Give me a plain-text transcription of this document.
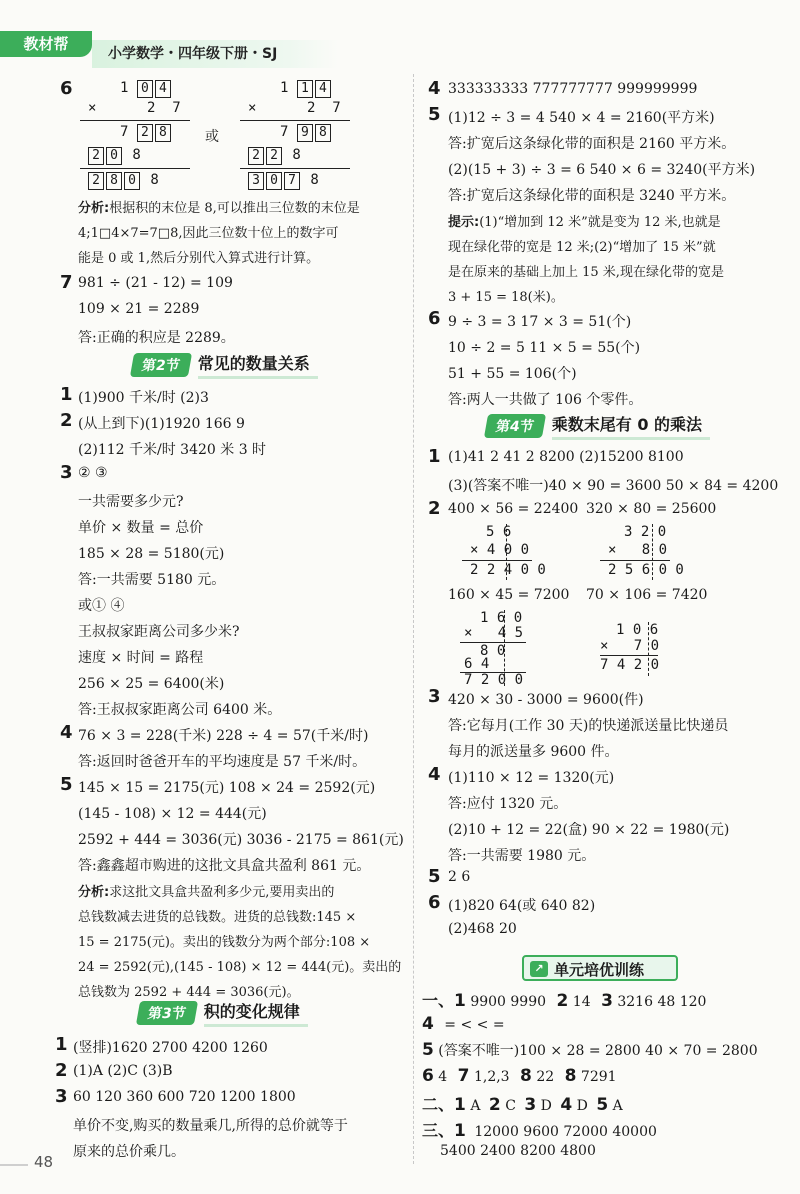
教材帮
小学数学・四年级下册・SJ
6	1 0 4
×      2  7
7 2 8
2 0 8
2 8 0 8
或
1 1 4
×      2  7
7 9 8
2 2 8
3 0 7 8
分析:根据积的末位是 8,可以推出三位数的末位是
4;1□4×7=7□8,因此三位数十位上的数字可
能是 0 或 1,然后分别代入算式进行计算。
7 981 ÷ (21 - 12) = 109
109 × 21 = 2289
答:正确的积应是 2289。
第2节	常见的数量关系
1 (1)900 千米/时 (2)3
2 (从上到下)(1)1920 166 9
(2)112 千米/时 3420 米 3 时
3 ② ③
一共需要多少元?
单价 × 数量 = 总价
185 × 28 = 5180(元)
答:一共需要 5180 元。
或① ④
王叔叔家距离公司多少米?
速度 × 时间 = 路程
256 × 25 = 6400(米)
答:王叔叔家距离公司 6400 米。
4 76 × 3 = 228(千米) 228 ÷ 4 = 57(千米/时)
答:返回时爸爸开车的平均速度是 57 千米/时。
5 145 × 15 = 2175(元) 108 × 24 = 2592(元)
(145 - 108) × 12 = 444(元)
2592 + 444 = 3036(元) 3036 - 2175 = 861(元)
答:鑫鑫超市购进的这批文具盒共盈利 861 元。
分析:求这批文具盒共盈利多少元,要用卖出的
总钱数减去进货的总钱数。进货的总钱数:145 ×
15 = 2175(元)。卖出的钱数分为两个部分:108 ×
24 = 2592(元),(145 - 108) × 12 = 444(元)。卖出的
总钱数为 2592 + 444 = 3036(元)。
第3节	积的变化规律
1 (竖排)1620 2700 4200 1260
2 (1)A (2)C (3)B
3 60 120 360 600 720 1200 1800
单价不变,购买的数量乘几,所得的总价就等于
原来的总价乘几。
48
4 333333333 777777777 999999999
5 (1)12 ÷ 3 = 4 540 × 4 = 2160(平方米)
答:扩宽后这条绿化带的面积是 2160 平方米。
(2)(15 + 3) ÷ 3 = 6 540 × 6 = 3240(平方米)
答:扩宽后这条绿化带的面积是 3240 平方米。
提示:(1)“增加到 12 米”就是变为 12 米,也就是
现在绿化带的宽是 12 米;(2)“增加了 15 米”就
是在原来的基础上加上 15 米,现在绿化带的宽是
3 + 15 = 18(米)。
6 9 ÷ 3 = 3 17 × 3 = 51(个)
10 ÷ 2 = 5 11 × 5 = 55(个)
51 + 55 = 106(个)
答:两人一共做了 106 个零件。
第4节	乘数末尾有 0 的乘法
1 (1)41 2 41 2 8200 (2)15200 8100
(3)(答案不唯一)40 × 90 = 3600 50 × 84 = 4200
2 400 × 56 = 22400 320 × 80 = 25600
5 6
× 4 0 0
2 2 4 0 0
3 2 0
×   8 0
2 5 6 0 0
160 × 45 = 7200 70 × 106 = 7420
1 6 0
×   4 5
8 0
6 4
7 2 0 0
1 0 6
×   7 0
7 4 2 0
3 420 × 30 - 3000 = 9600(件)
答:它每月(工作 30 天)的快递派送量比快递员
每月的派送量多 9600 件。
4 (1)110 × 12 = 1320(元)
答:应付 1320 元。
(2)10 + 12 = 22(盒) 90 × 22 = 1980(元)
答:一共需要 1980 元。
5 2 6
6 (1)820 64(或 640 82)
(2)468 20
↗ 单元培优训练
一、1 9900 9990 2 14 3 3216 48 120
4 = < < =
5 (答案不唯一)100 × 28 = 2800 40 × 70 = 2800
6 4 7 1,2,3 8 22 8 7291
二、1 A 2 C 3 D 4 D 5 A
三、1 12000 9600 72000 40000
5400 2400 8200 4800
